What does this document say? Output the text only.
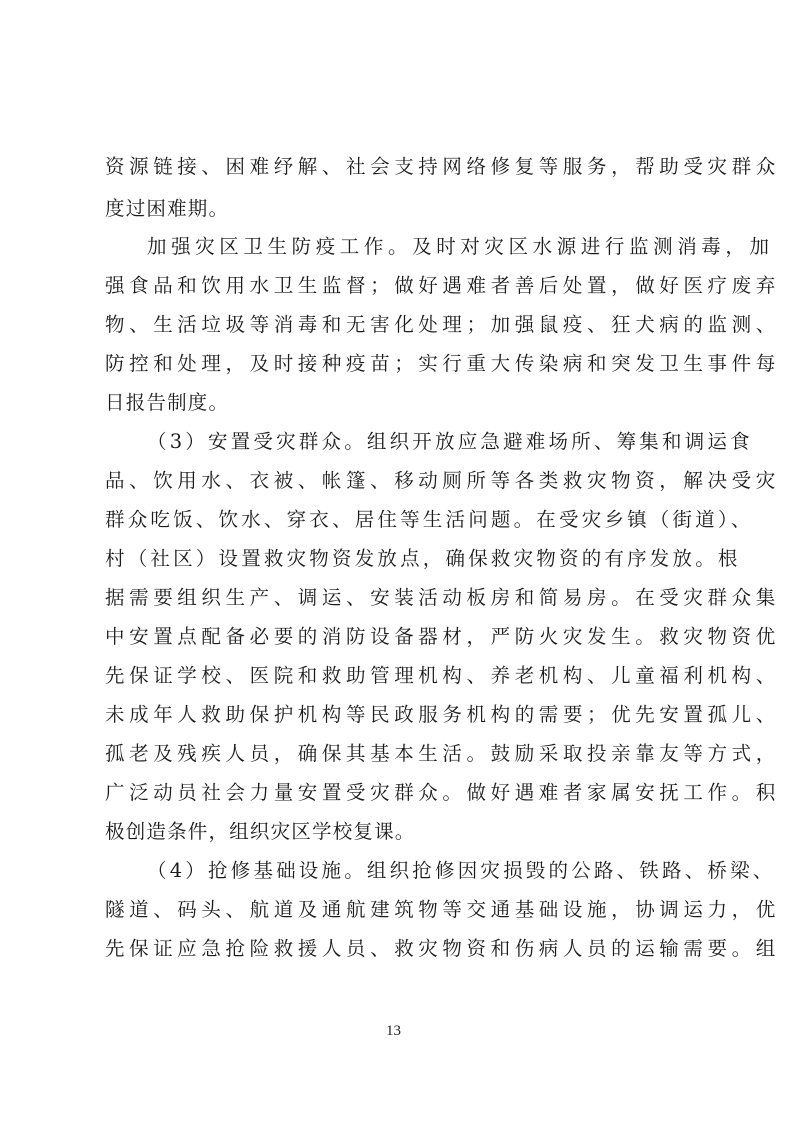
资源链接、困难纾解、社会支持网络修复等服务，帮助受灾群众
度过困难期。
加强灾区卫生防疫工作。及时对灾区水源进行监测消毒，加
强食品和饮用水卫生监督；做好遇难者善后处置，做好医疗废弃
物、生活垃圾等消毒和无害化处理；加强鼠疫、狂犬病的监测、
防控和处理，及时接种疫苗；实行重大传染病和突发卫生事件每
日报告制度。
（3）安置受灾群众。组织开放应急避难场所、筹集和调运食
品、饮用水、衣被、帐篷、移动厕所等各类救灾物资，解决受灾
群众吃饭、饮水、穿衣、居住等生活问题。在受灾乡镇（街道）、
村（社区）设置救灾物资发放点，确保救灾物资的有序发放。根
据需要组织生产、调运、安装活动板房和简易房。在受灾群众集
中安置点配备必要的消防设备器材，严防火灾发生。救灾物资优
先保证学校、医院和救助管理机构、养老机构、儿童福利机构、
未成年人救助保护机构等民政服务机构的需要；优先安置孤儿、
孤老及残疾人员，确保其基本生活。鼓励采取投亲靠友等方式，
广泛动员社会力量安置受灾群众。做好遇难者家属安抚工作。积
极创造条件，组织灾区学校复课。
（4）抢修基础设施。组织抢修因灾损毁的公路、铁路、桥梁、
隧道、码头、航道及通航建筑物等交通基础设施，协调运力，优
先保证应急抢险救援人员、救灾物资和伤病人员的运输需要。组
13
